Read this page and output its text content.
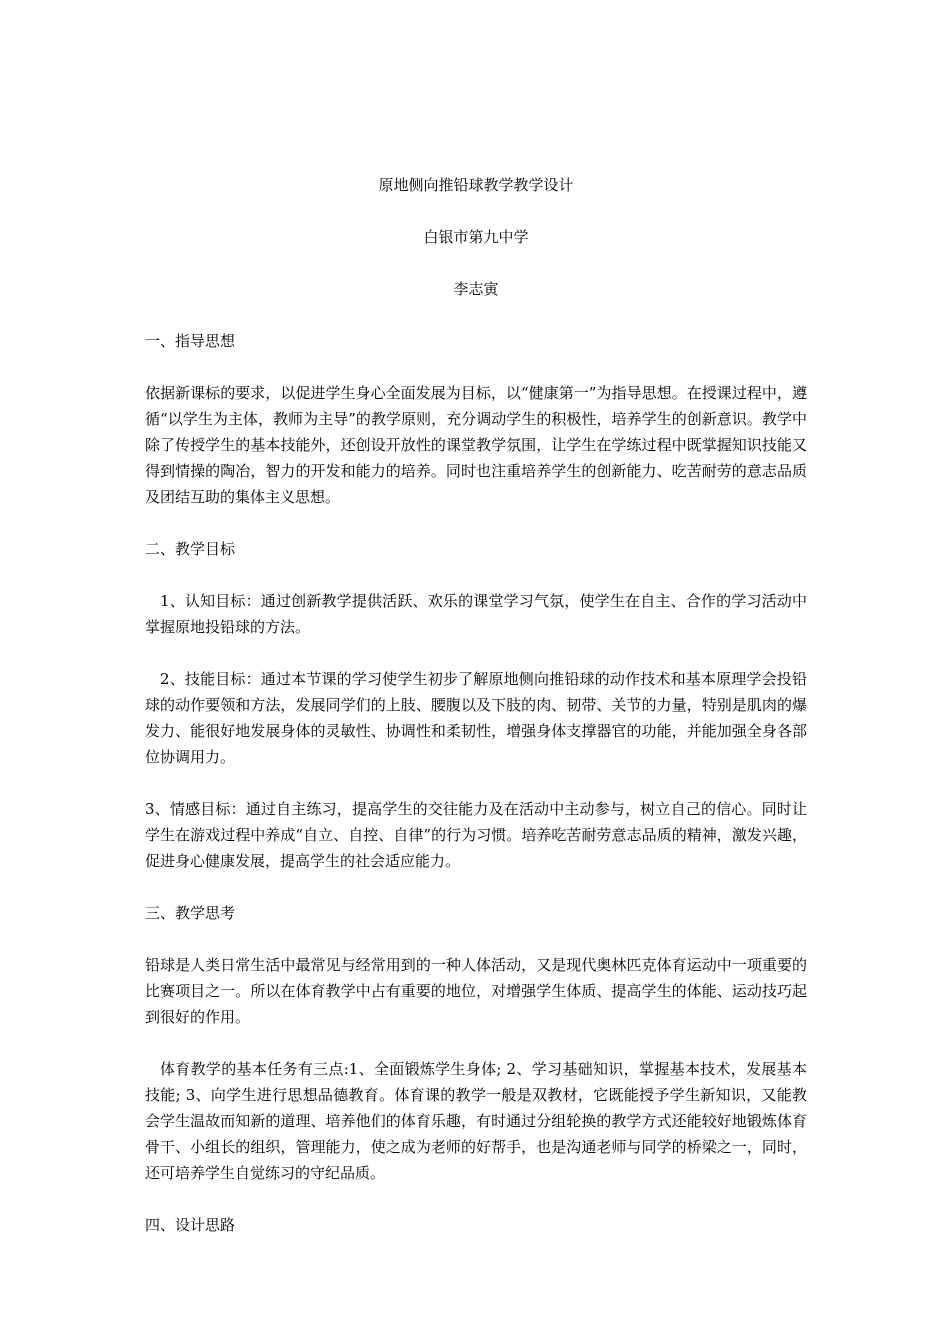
原地侧向推铅球教学教学设计

白银市第九中学

李志寅

一、指导思想

依据新课标的要求，以促进学生身心全面发展为目标，以“健康第一”为指导思想。在授课过程中，遵循“以学生为主体，教师为主导”的教学原则，充分调动学生的积极性，培养学生的创新意识。教学中除了传授学生的基本技能外，还创设开放性的课堂教学氛围，让学生在学练过程中既掌握知识技能又得到情操的陶冶，智力的开发和能力的培养。同时也注重培养学生的创新能力、吃苦耐劳的意志品质及团结互助的集体主义思想。

二、教学目标

1、认知目标：通过创新教学提供活跃、欢乐的课堂学习气氛，使学生在自主、合作的学习活动中掌握原地投铅球的方法。

2、技能目标：通过本节课的学习使学生初步了解原地侧向推铅球的动作技术和基本原理学会投铅球的动作要领和方法，发展同学们的上肢、腰腹以及下肢的肉、韧带、关节的力量，特别是肌肉的爆发力、能很好地发展身体的灵敏性、协调性和柔韧性，增强身体支撑器官的功能，并能加强全身各部位协调用力。

3、情感目标：通过自主练习，提高学生的交往能力及在活动中主动参与，树立自己的信心。同时让学生在游戏过程中养成“自立、自控、自律”的行为习惯。培养吃苦耐劳意志品质的精神，激发兴趣，促进身心健康发展，提高学生的社会适应能力。

三、教学思考

铅球是人类日常生活中最常见与经常用到的一种人体活动，又是现代奥林匹克体育运动中一项重要的比赛项目之一。所以在体育教学中占有重要的地位，对增强学生体质、提高学生的体能、运动技巧起到很好的作用。

体育教学的基本任务有三点:1、全面锻炼学生身体; 2、学习基础知识，掌握基本技术，发展基本技能; 3、向学生进行思想品德教育。体育课的教学一般是双教材，它既能授予学生新知识，又能教会学生温故而知新的道理、培养他们的体育乐趣，有时通过分组轮换的教学方式还能较好地锻炼体育骨干、小组长的组织，管理能力，使之成为老师的好帮手，也是沟通老师与同学的桥梁之一，同时，还可培养学生自觉练习的守纪品质。

四、设计思路
